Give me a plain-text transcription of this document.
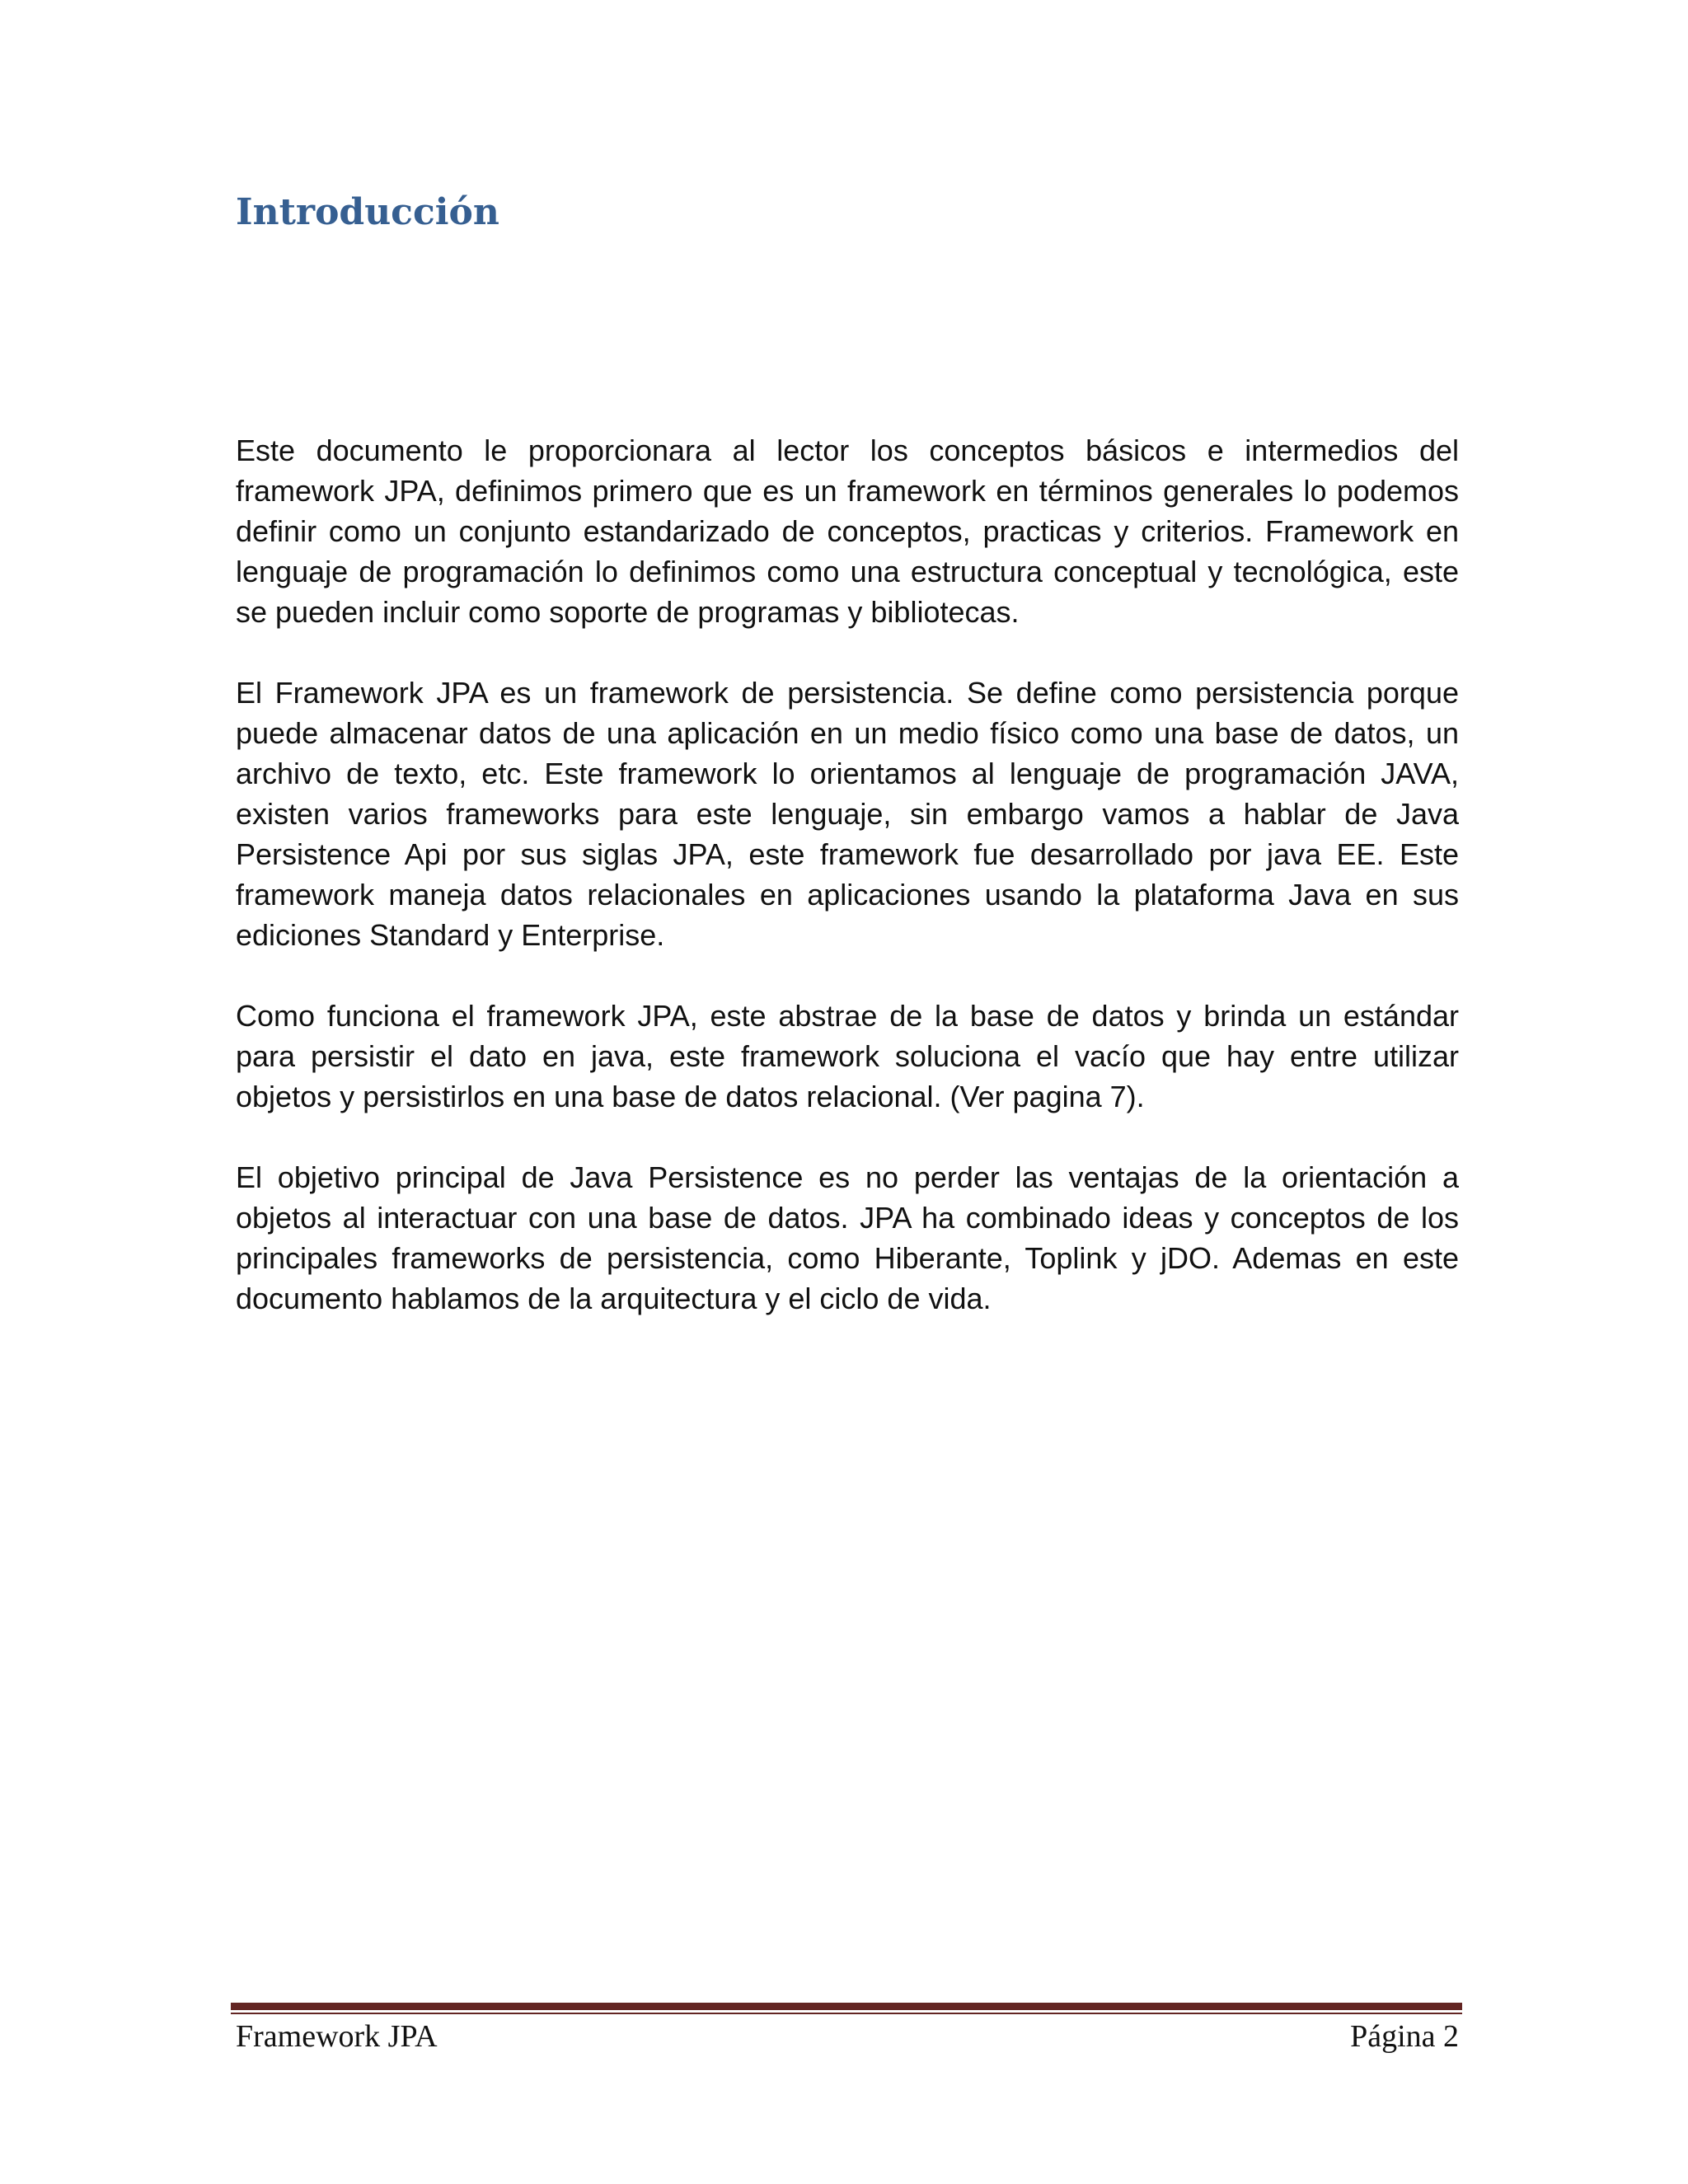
Introducción

Este documento le proporcionara al lector los conceptos básicos e intermedios del framework JPA, definimos primero que es un framework en términos generales lo podemos definir como un conjunto estandarizado de conceptos, practicas y criterios. Framework en lenguaje de programación lo definimos como una estructura conceptual y tecnológica, este se pueden incluir como soporte de programas y bibliotecas.

El Framework JPA es un framework de persistencia. Se define como persistencia porque puede almacenar datos de una aplicación en un medio físico como una base de datos, un archivo de texto, etc. Este framework lo orientamos al lenguaje de programación JAVA, existen varios frameworks para este lenguaje, sin embargo vamos a hablar de Java Persistence Api por sus siglas JPA, este framework fue desarrollado por java EE. Este framework maneja datos relacionales en aplicaciones usando la plataforma Java en sus ediciones Standard y Enterprise.

Como funciona el framework JPA, este abstrae de la base de datos y brinda un estándar para persistir el dato en java, este framework soluciona el vacío que hay entre utilizar objetos y persistirlos en una base de datos relacional. (Ver pagina 7).

El objetivo principal de Java Persistence es no perder las ventajas de la orientación a objetos al interactuar con una base de datos. JPA ha combinado ideas y conceptos de los principales frameworks de persistencia, como Hiberante, Toplink y jDO. Ademas en este documento hablamos de la arquitectura y el ciclo de vida.

Framework JPA	Página 2
